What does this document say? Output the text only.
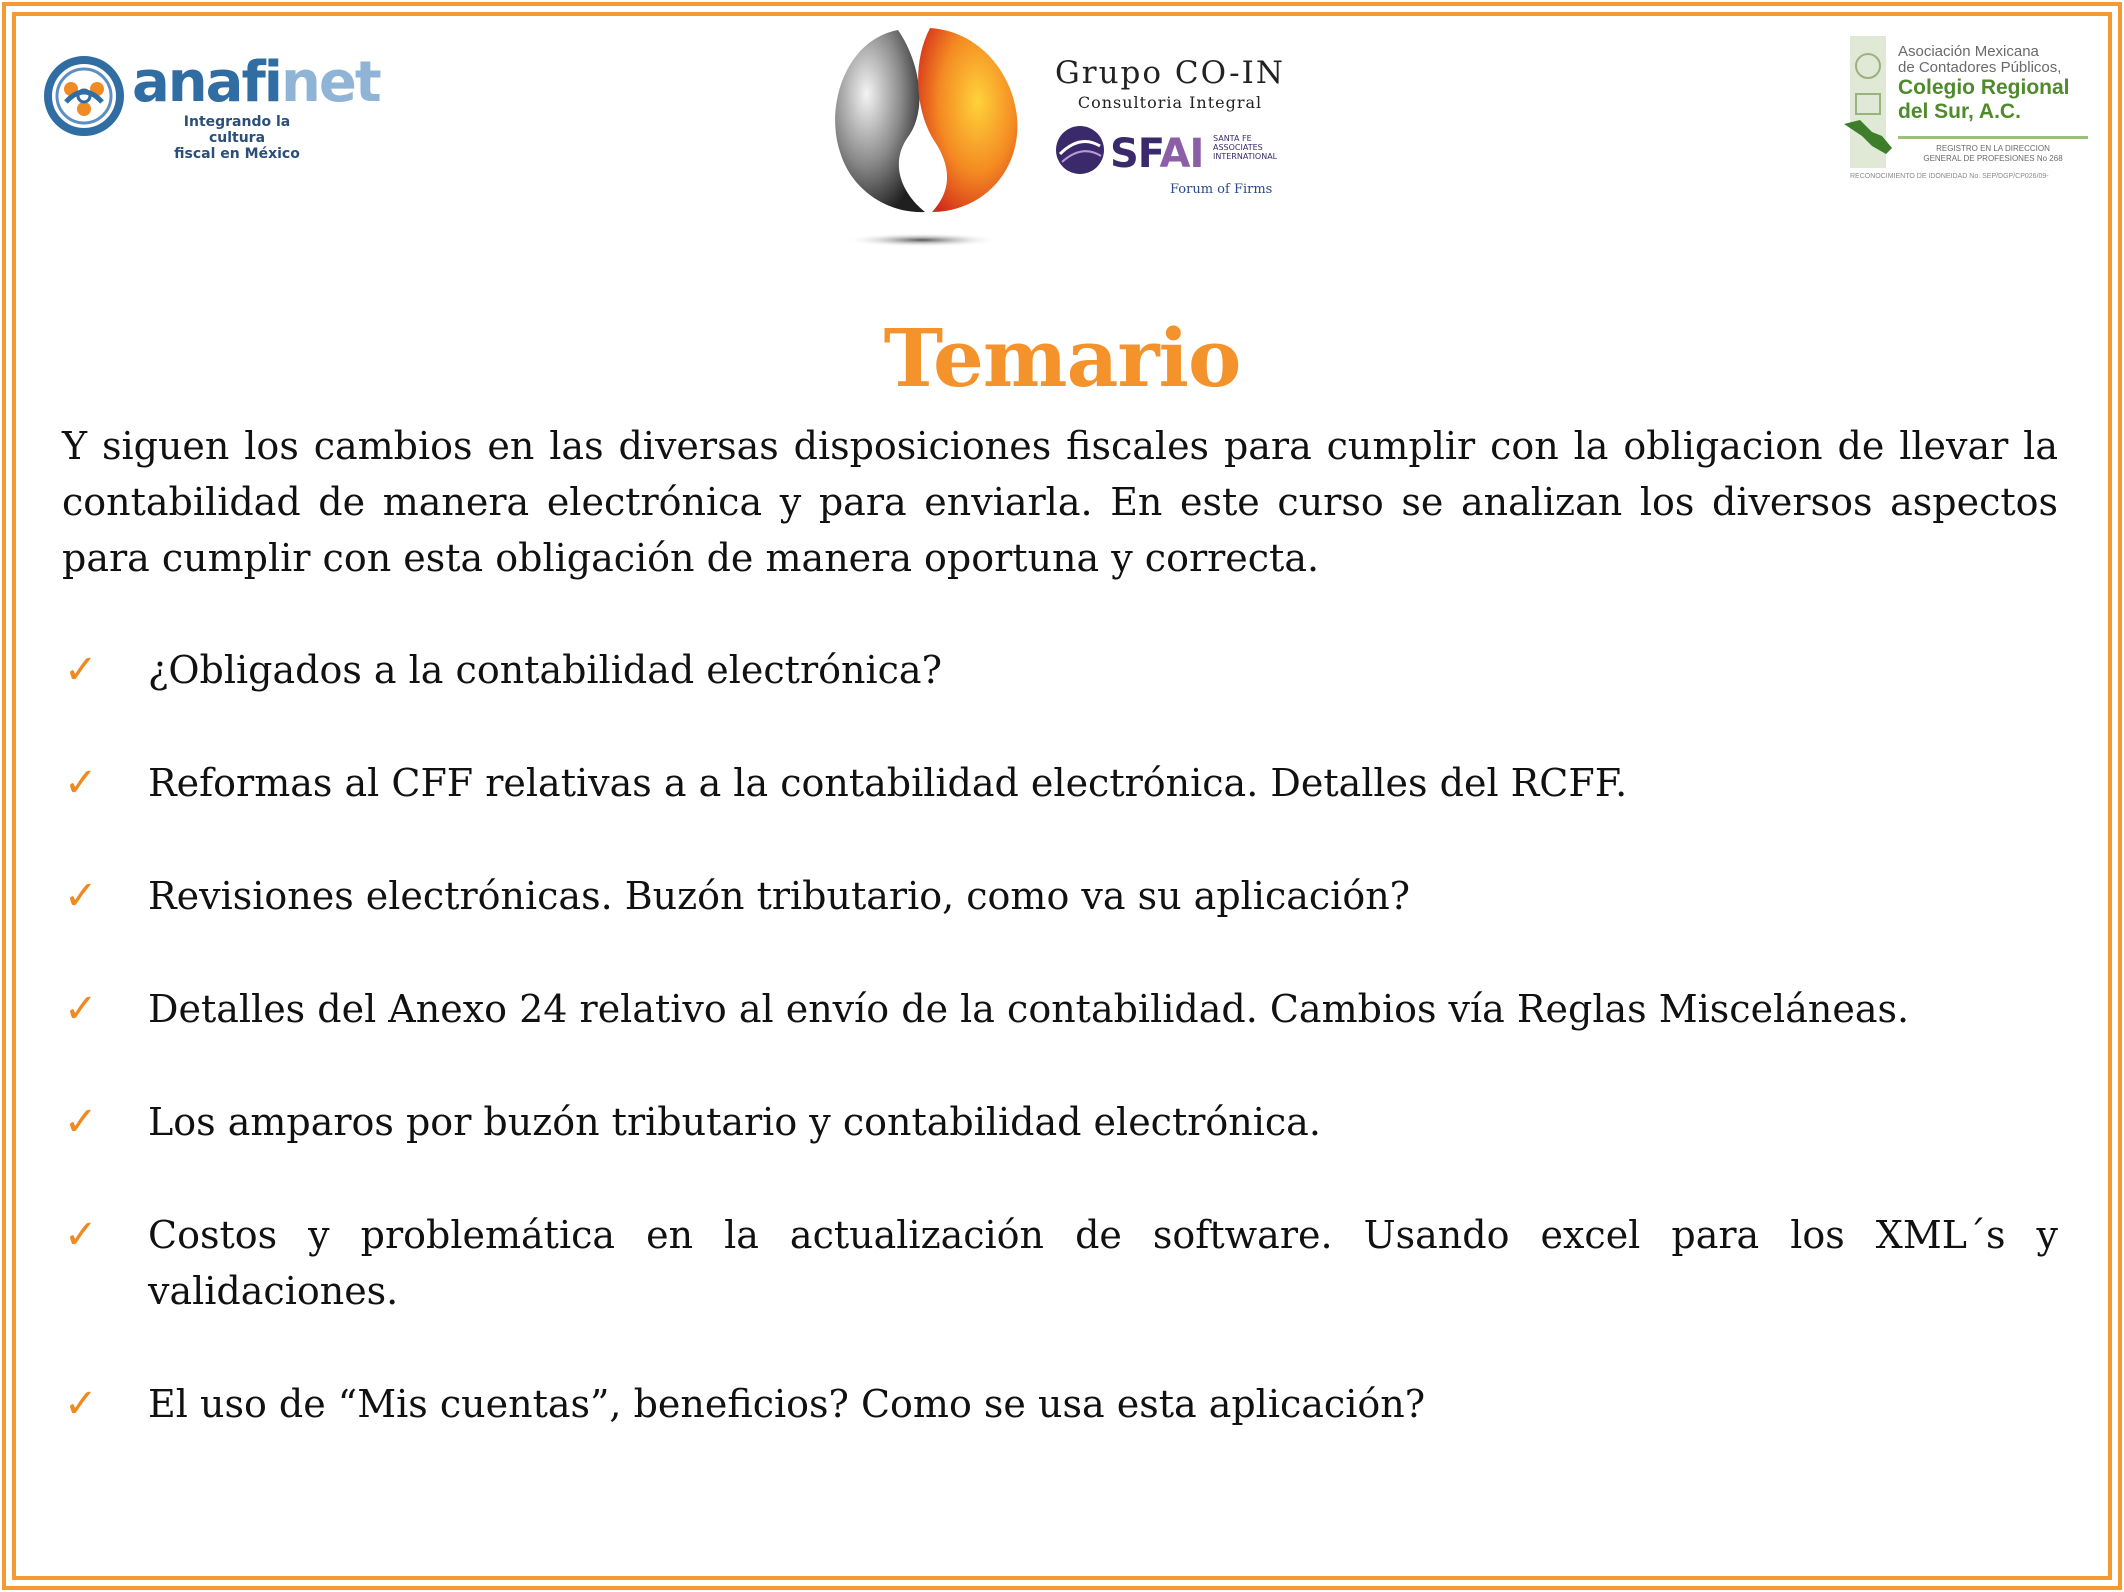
anafinet
Integrando la cultura
fiscal en México
Grupo CO-IN
Consultoria Integral
SFAI SANTA FE
ASSOCIATES
INTERNATIONAL
Forum of Firms
Asociación Mexicana
de Contadores Públicos,
Colegio Regional
del Sur, A.C.
REGISTRO EN LA DIRECCION
GENERAL DE PROFESIONES No 268
RECONOCIMIENTO DE IDONEIDAD No. SEP/DGP/CP026/09-
Temario
Y siguen los cambios en las diversas disposiciones fiscales para cumplir con la obligacion de llevar la contabilidad de manera electrónica y para enviarla. En este curso se analizan los diversos aspectos para cumplir con esta obligación de manera oportuna y correcta.
✓	¿Obligados a la contabilidad electrónica?
✓	Reformas al CFF relativas a a la contabilidad electrónica. Detalles del RCFF.
✓	Revisiones electrónicas. Buzón tributario, como va su aplicación?
✓	Detalles del Anexo 24 relativo al envío de la contabilidad. Cambios vía Reglas Misceláneas.
✓	Los amparos por buzón tributario y contabilidad electrónica.
✓	Costos y problemática en la actualización de software. Usando excel para los XML´s y validaciones.
✓	El uso de “Mis cuentas”, beneficios? Como se usa esta aplicación?
